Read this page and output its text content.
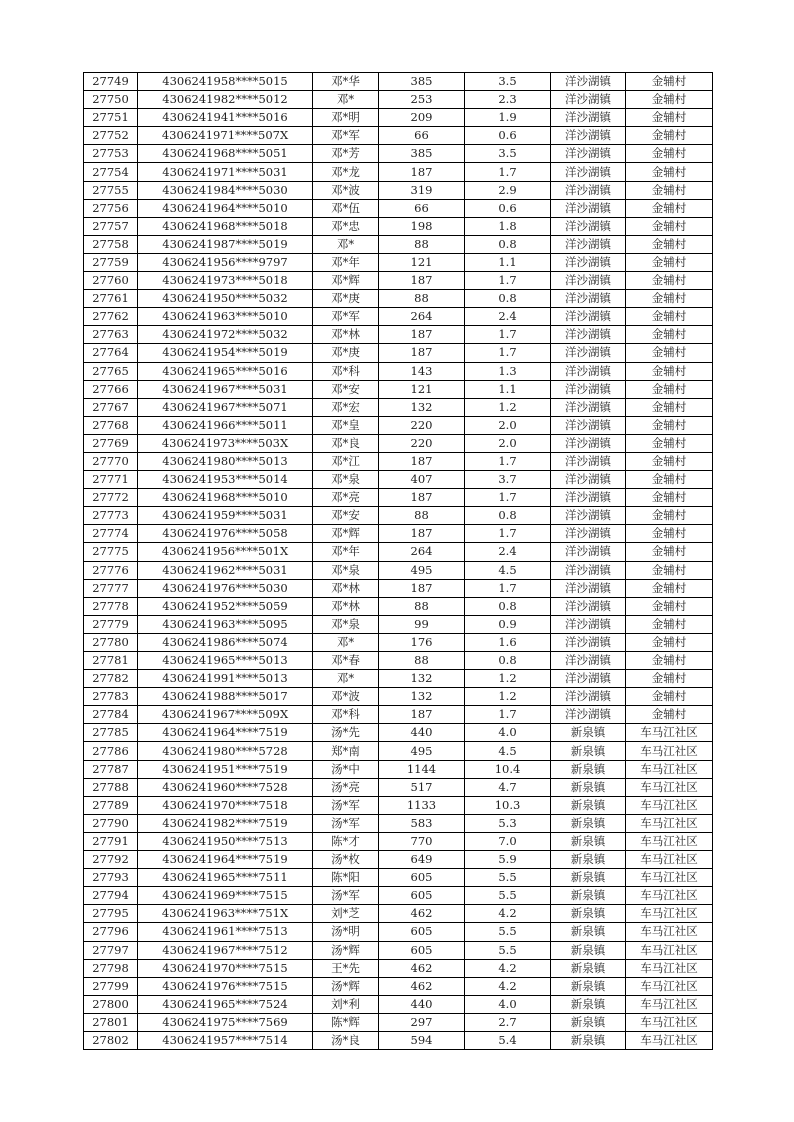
27749	4306241958****5015	邓*华	385	3.5	洋沙湖镇	金辅村
27750	4306241982****5012	邓*	253	2.3	洋沙湖镇	金辅村
27751	4306241941****5016	邓*明	209	1.9	洋沙湖镇	金辅村
27752	4306241971****507X	邓*军	66	0.6	洋沙湖镇	金辅村
27753	4306241968****5051	邓*芳	385	3.5	洋沙湖镇	金辅村
27754	4306241971****5031	邓*龙	187	1.7	洋沙湖镇	金辅村
27755	4306241984****5030	邓*波	319	2.9	洋沙湖镇	金辅村
27756	4306241964****5010	邓*伍	66	0.6	洋沙湖镇	金辅村
27757	4306241968****5018	邓*忠	198	1.8	洋沙湖镇	金辅村
27758	4306241987****5019	邓*	88	0.8	洋沙湖镇	金辅村
27759	4306241956****9797	邓*年	121	1.1	洋沙湖镇	金辅村
27760	4306241973****5018	邓*辉	187	1.7	洋沙湖镇	金辅村
27761	4306241950****5032	邓*庚	88	0.8	洋沙湖镇	金辅村
27762	4306241963****5010	邓*军	264	2.4	洋沙湖镇	金辅村
27763	4306241972****5032	邓*林	187	1.7	洋沙湖镇	金辅村
27764	4306241954****5019	邓*庚	187	1.7	洋沙湖镇	金辅村
27765	4306241965****5016	邓*科	143	1.3	洋沙湖镇	金辅村
27766	4306241967****5031	邓*安	121	1.1	洋沙湖镇	金辅村
27767	4306241967****5071	邓*宏	132	1.2	洋沙湖镇	金辅村
27768	4306241966****5011	邓*皇	220	2.0	洋沙湖镇	金辅村
27769	4306241973****503X	邓*良	220	2.0	洋沙湖镇	金辅村
27770	4306241980****5013	邓*江	187	1.7	洋沙湖镇	金辅村
27771	4306241953****5014	邓*泉	407	3.7	洋沙湖镇	金辅村
27772	4306241968****5010	邓*亮	187	1.7	洋沙湖镇	金辅村
27773	4306241959****5031	邓*安	88	0.8	洋沙湖镇	金辅村
27774	4306241976****5058	邓*辉	187	1.7	洋沙湖镇	金辅村
27775	4306241956****501X	邓*年	264	2.4	洋沙湖镇	金辅村
27776	4306241962****5031	邓*泉	495	4.5	洋沙湖镇	金辅村
27777	4306241976****5030	邓*林	187	1.7	洋沙湖镇	金辅村
27778	4306241952****5059	邓*林	88	0.8	洋沙湖镇	金辅村
27779	4306241963****5095	邓*泉	99	0.9	洋沙湖镇	金辅村
27780	4306241986****5074	邓*	176	1.6	洋沙湖镇	金辅村
27781	4306241965****5013	邓*春	88	0.8	洋沙湖镇	金辅村
27782	4306241991****5013	邓*	132	1.2	洋沙湖镇	金辅村
27783	4306241988****5017	邓*波	132	1.2	洋沙湖镇	金辅村
27784	4306241967****509X	邓*科	187	1.7	洋沙湖镇	金辅村
27785	4306241964****7519	汤*先	440	4.0	新泉镇	车马江社区
27786	4306241980****5728	郑*南	495	4.5	新泉镇	车马江社区
27787	4306241951****7519	汤*中	1144	10.4	新泉镇	车马江社区
27788	4306241960****7528	汤*亮	517	4.7	新泉镇	车马江社区
27789	4306241970****7518	汤*军	1133	10.3	新泉镇	车马江社区
27790	4306241982****7519	汤*军	583	5.3	新泉镇	车马江社区
27791	4306241950****7513	陈*才	770	7.0	新泉镇	车马江社区
27792	4306241964****7519	汤*枚	649	5.9	新泉镇	车马江社区
27793	4306241965****7511	陈*阳	605	5.5	新泉镇	车马江社区
27794	4306241969****7515	汤*军	605	5.5	新泉镇	车马江社区
27795	4306241963****751X	刘*芝	462	4.2	新泉镇	车马江社区
27796	4306241961****7513	汤*明	605	5.5	新泉镇	车马江社区
27797	4306241967****7512	汤*辉	605	5.5	新泉镇	车马江社区
27798	4306241970****7515	王*先	462	4.2	新泉镇	车马江社区
27799	4306241976****7515	汤*辉	462	4.2	新泉镇	车马江社区
27800	4306241965****7524	刘*利	440	4.0	新泉镇	车马江社区
27801	4306241975****7569	陈*辉	297	2.7	新泉镇	车马江社区
27802	4306241957****7514	汤*良	594	5.4	新泉镇	车马江社区
